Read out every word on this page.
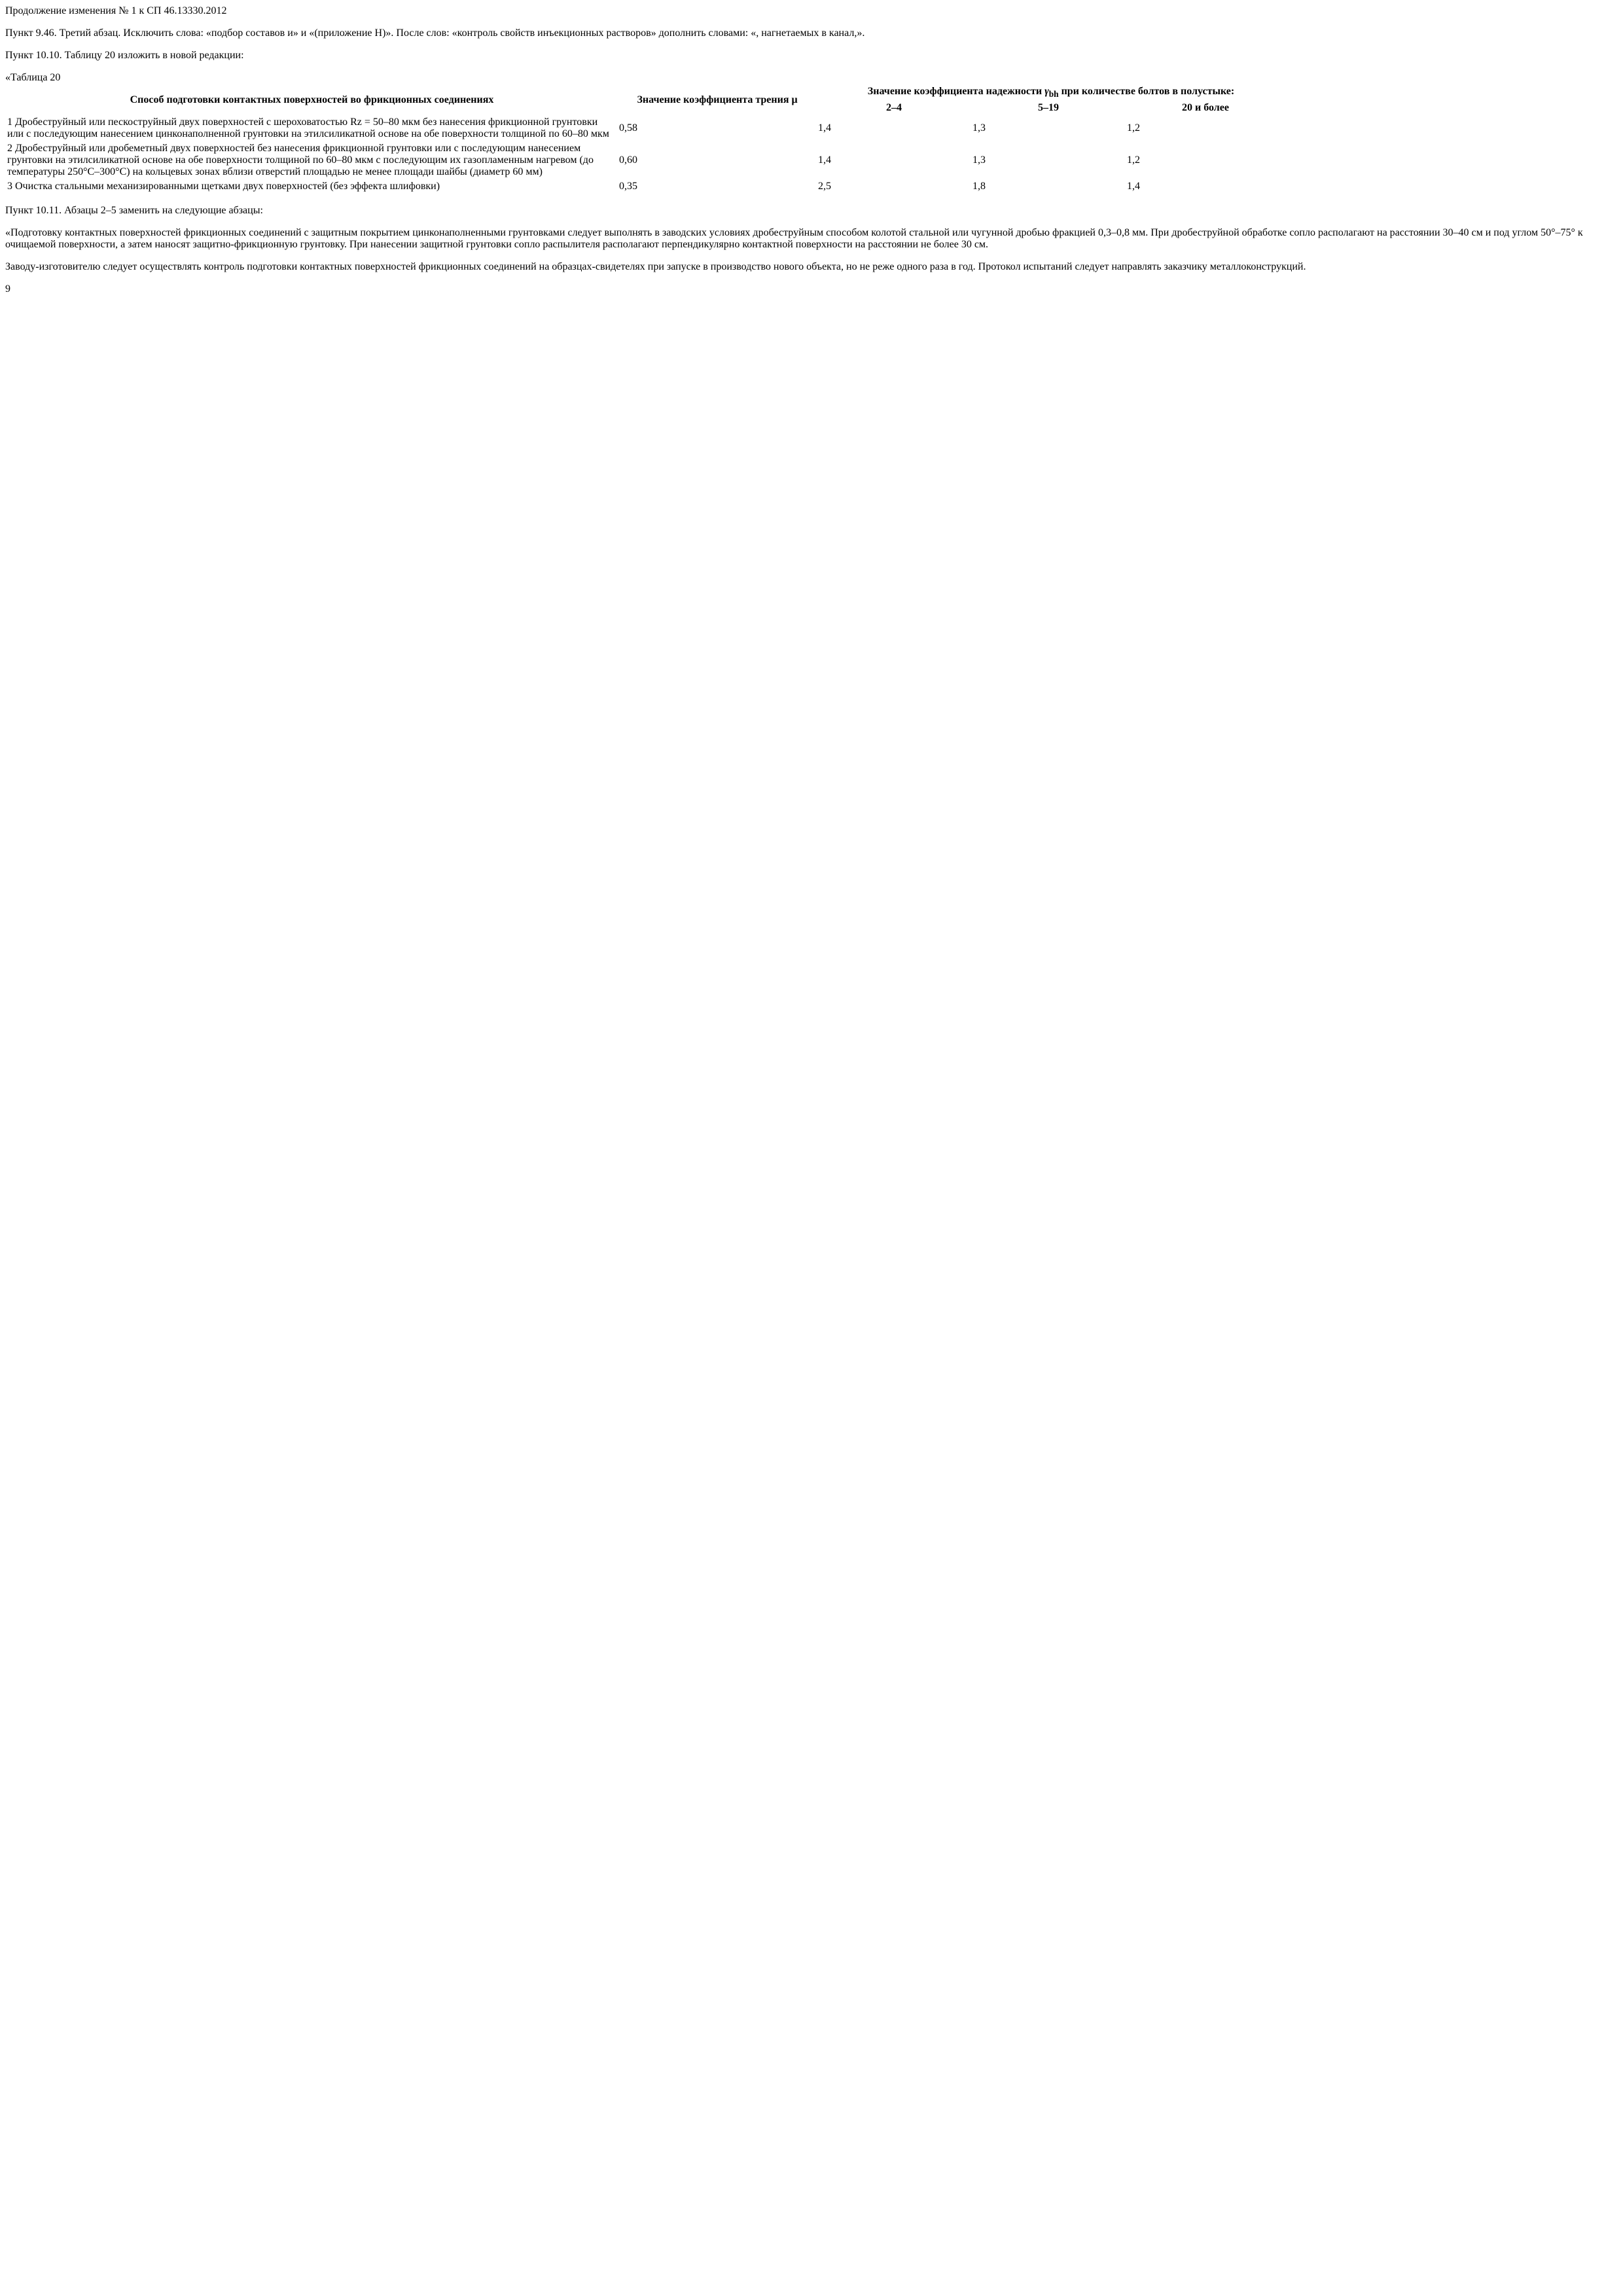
Продолжение изменения № 1 к СП 46.13330.2012

Пункт 9.46. Третий абзац. Исключить слова: «подбор составов и» и «(приложение Н)». После слов: «контроль свойств инъекционных растворов» дополнить словами: «, нагнетаемых в канал,».

Пункт 10.10. Таблицу 20 изложить в новой редакции:

«Таблица 20
Способ подготовки контактных поверхностей во фрикционных соединениях	Значение коэффициента трения μ	Значение коэффициента надежности $\gamma_{bh}$ при количестве болтов в полустыке:		
		2–4	5–19	20 и более
1 Дробеструйный или пескоструйный двух поверхностей с шероховатостью Rz = 50–80 мкм без нанесения фрикционной грунтовки или с последующим нанесением цинконаполненной грунтовки на этилсиликатной основе на обе поверхности толщиной по 60–80 мкм	0,58	1,4	1,3	1,2
2 Дробеструйный или дробеметный двух поверхностей без нанесения фрикционной грунтовки или с последующим нанесением грунтовки на этилсиликатной основе на обе поверхности толщиной по 60–80 мкм с последующим их газопламенным нагревом (до температуры 250°С–300°С) на кольцевых зонах вблизи отверстий площадью не менее площади шайбы (диаметр 60 мм)	0,60	1,4	1,3	1,2
3 Очистка стальными механизированными щетками двух поверхностей (без эффекта шлифовки)	0,35	2,5	1,8	1,4

Пункт 10.11. Абзацы 2–5 заменить на следующие абзацы:

«Подготовку контактных поверхностей фрикционных соединений с защитным покрытием цинконаполненными грунтовками следует выполнять в заводских условиях дробеструйным способом колотой стальной или чугунной дробью фракцией 0,3–0,8 мм. При дробеструйной обработке сопло располагают на расстоянии 30–40 см и под углом 50°–75° к очищаемой поверхности, а затем наносят защитно-фрикционную грунтовку. При нанесении защитной грунтовки сопло распылителя располагают перпендикулярно контактной поверхности на расстоянии не более 30 см.

Заводу-изготовителю следует осуществлять контроль подготовки контактных поверхностей фрикционных соединений на образцах-свидетелях при запуске в производство нового объекта, но не реже одного раза в год. Протокол испытаний следует направлять заказчику металлоконструкций.

9
